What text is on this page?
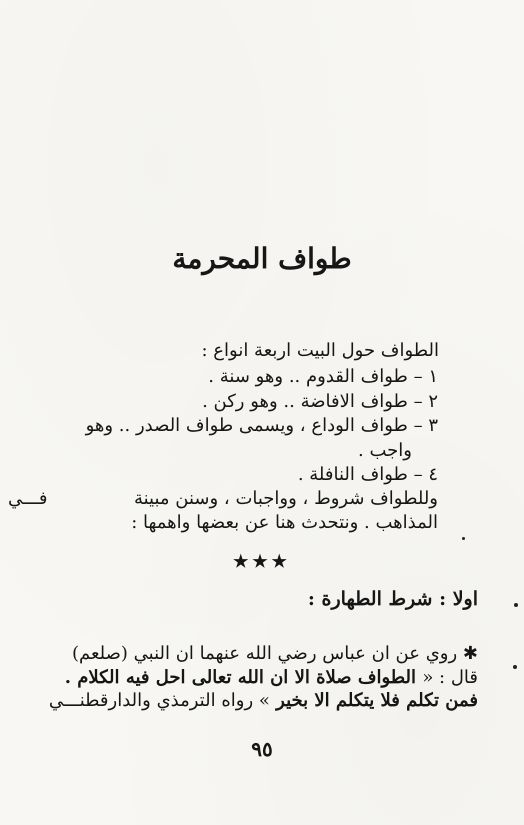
طواف المحرمة
الطواف حول البيت اربعة انواع :
١ – طواف القدوم .. وهو سنة .
٢ – طواف الافاضة .. وهو ركن .
٣ – طواف الوداع ، ويسمى طواف الصدر .. وهو
واجب .
٤ – طواف النافلة .
وللطواف شروط ، وواجبات ، وسنن مبينة
فـــي
المذاهب . ونتحدث هنا عن بعضها واهمها :
★★★
اولا : شرط الطهارة :
✱ روي عن ان عباس رضي الله عنهما ان النبي (صلعم)
قال : « الطواف صلاة الا ان الله تعالى احل فيه الكلام .
فمن تكلم فلا يتكلم الا بخير » رواه الترمذي والدارقطنـــي
٩٥
